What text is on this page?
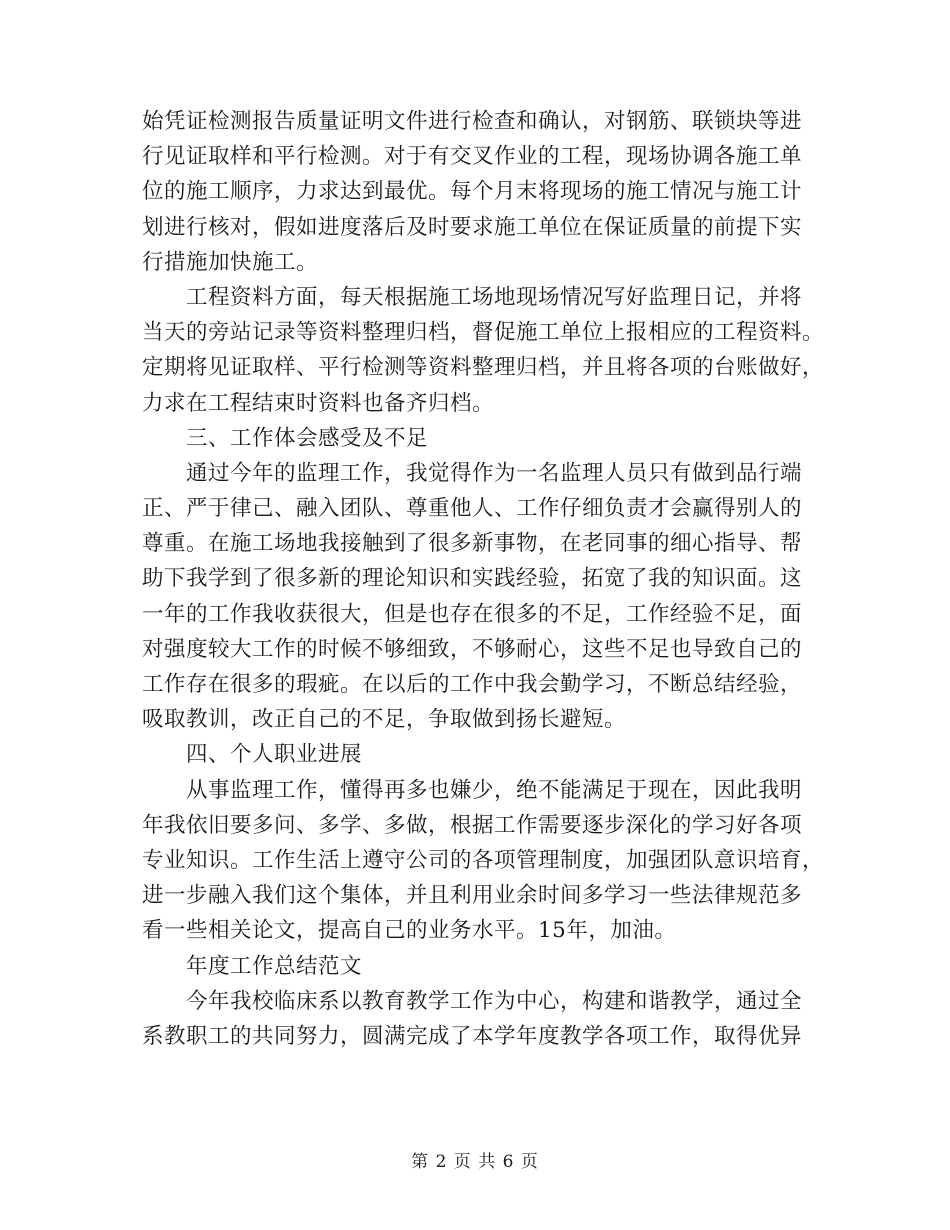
始凭证检测报告质量证明文件进行检查和确认，对钢筋、联锁块等进
行见证取样和平行检测。对于有交叉作业的工程，现场协调各施工单
位的施工顺序，力求达到最优。每个月末将现场的施工情况与施工计
划进行核对，假如进度落后及时要求施工单位在保证质量的前提下实
行措施加快施工。
工程资料方面，每天根据施工场地现场情况写好监理日记，并将
当天的旁站记录等资料整理归档，督促施工单位上报相应的工程资料。
定期将见证取样、平行检测等资料整理归档，并且将各项的台账做好，
力求在工程结束时资料也备齐归档。
三、工作体会感受及不足
通过今年的监理工作，我觉得作为一名监理人员只有做到品行端
正、严于律己、融入团队、尊重他人、工作仔细负责才会赢得别人的
尊重。在施工场地我接触到了很多新事物，在老同事的细心指导、帮
助下我学到了很多新的理论知识和实践经验，拓宽了我的知识面。这
一年的工作我收获很大，但是也存在很多的不足，工作经验不足，面
对强度较大工作的时候不够细致，不够耐心，这些不足也导致自己的
工作存在很多的瑕疵。在以后的工作中我会勤学习，不断总结经验，
吸取教训，改正自己的不足，争取做到扬长避短。
四、个人职业进展
从事监理工作，懂得再多也嫌少，绝不能满足于现在，因此我明
年我依旧要多问、多学、多做，根据工作需要逐步深化的学习好各项
专业知识。工作生活上遵守公司的各项管理制度，加强团队意识培育，
进一步融入我们这个集体，并且利用业余时间多学习一些法律规范多
看一些相关论文，提高自己的业务水平。15年，加油。
年度工作总结范文
今年我校临床系以教育教学工作为中心，构建和谐教学，通过全
系教职工的共同努力，圆满完成了本学年度教学各项工作，取得优异
第 2 页 共 6 页
